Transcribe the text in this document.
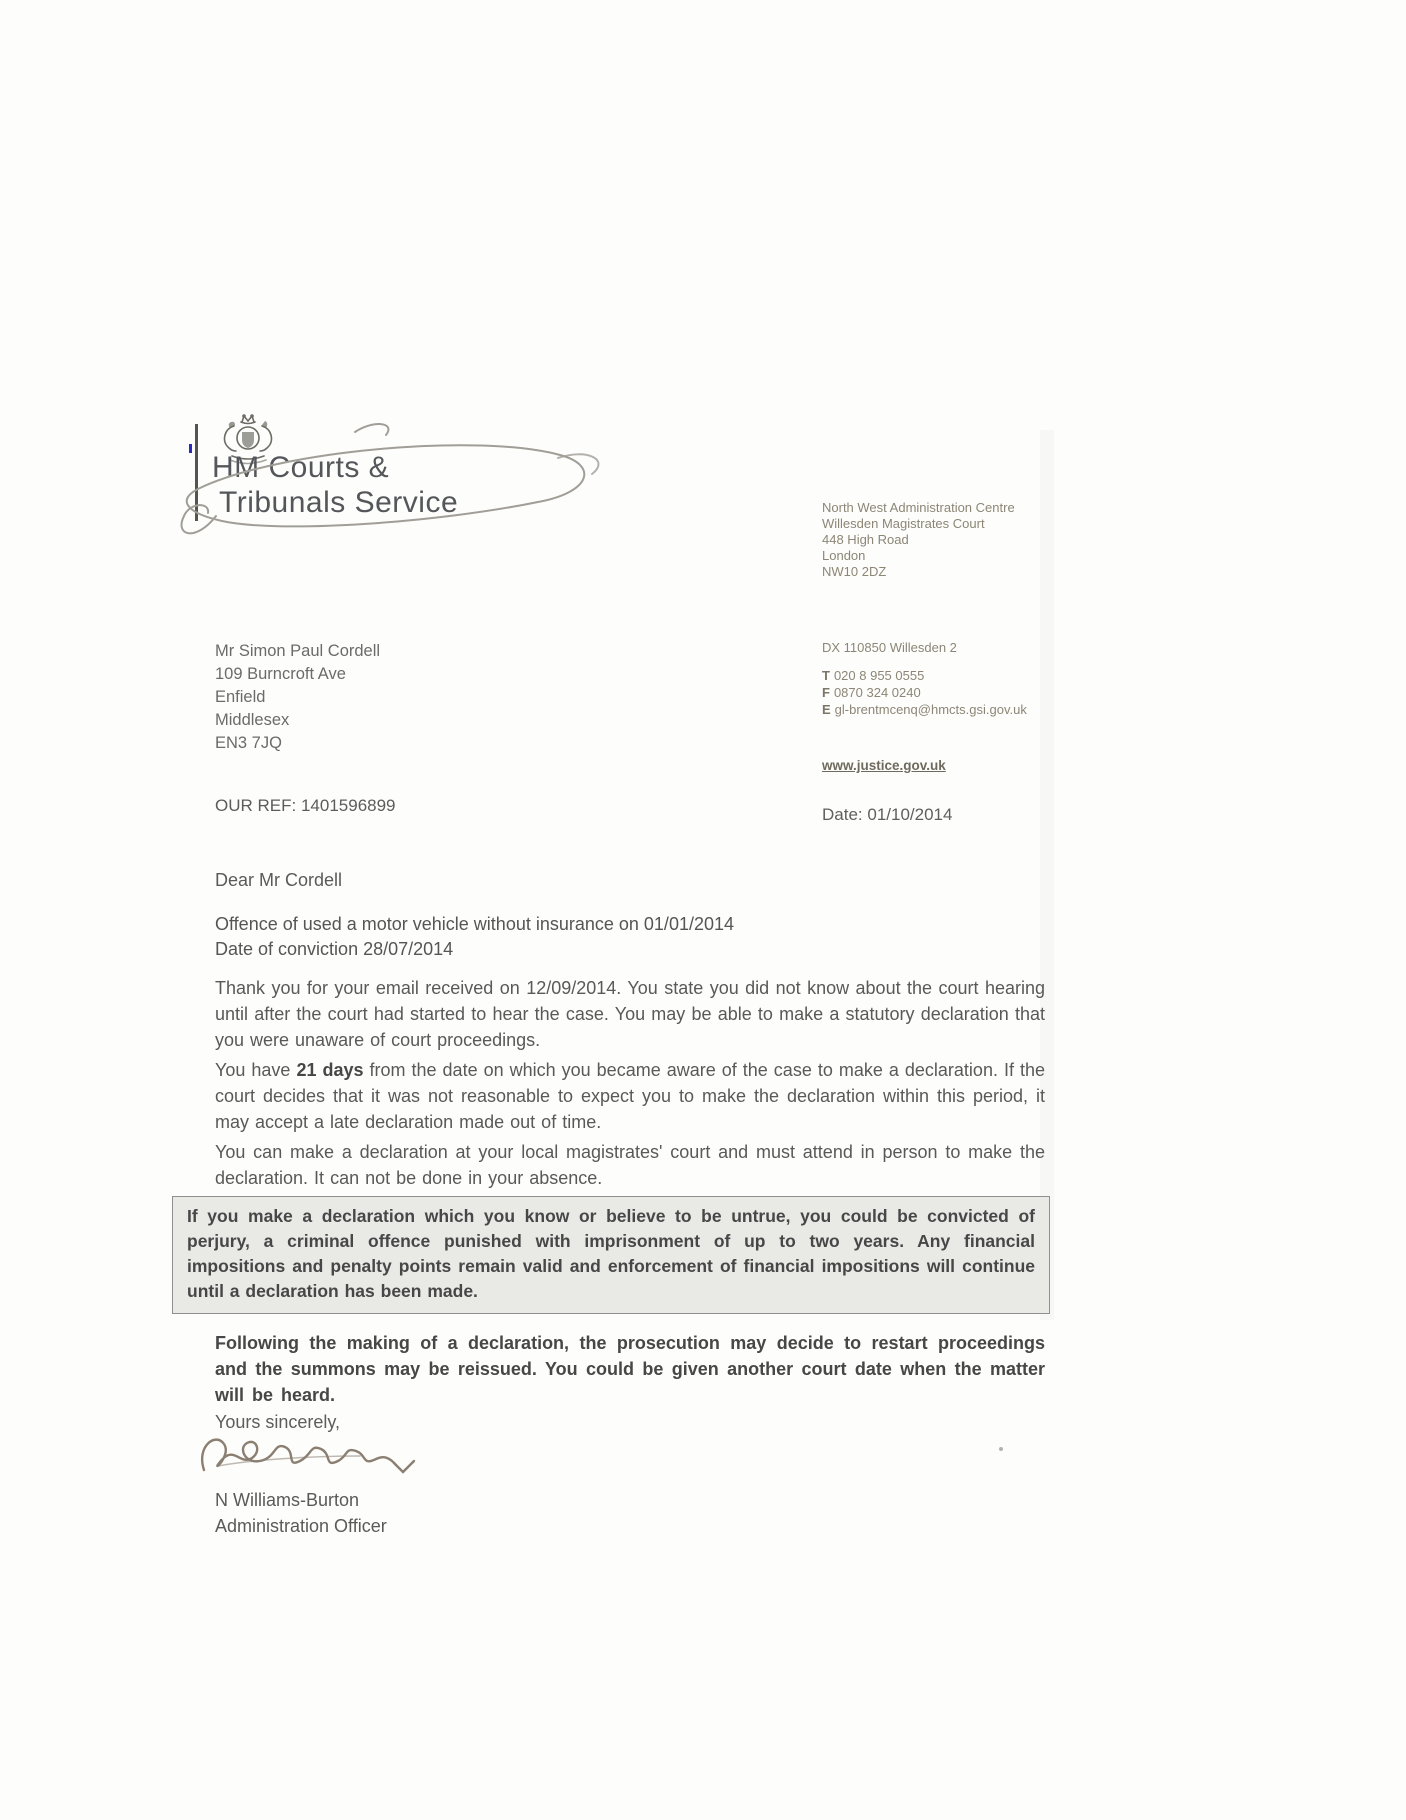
HM Courts &
Tribunals Service	North West Administration Centre
Willesden Magistrates Court
448 High Road
London
NW10 2DZ
Mr Simon Paul Cordell
109 Burncroft Ave
Enfield
Middlesex
EN3 7JQ
DX 110850 Willesden 2
T 020 8 955 0555
F 0870 324 0240
E gl-brentmcenq@hmcts.gsi.gov.uk
www.justice.gov.uk
OUR REF: 1401596899	Date: 01/10/2014
Dear Mr Cordell
Offence of used a motor vehicle without insurance on 01/01/2014
Date of conviction 28/07/2014
Thank you for your email received on 12/09/2014. You state you did not know about the court hearing until after the court had started to hear the case. You may be able to make a statutory declaration that you were unaware of court proceedings.
You have 21 days from the date on which you became aware of the case to make a declaration. If the court decides that it was not reasonable to expect you to make the declaration within this period, it may accept a late declaration made out of time.
You can make a declaration at your local magistrates' court and must attend in person to make the declaration. It can not be done in your absence.
If you make a declaration which you know or believe to be untrue, you could be convicted of perjury, a criminal offence punished with imprisonment of up to two years. Any financial impositions and penalty points remain valid and enforcement of financial impositions will continue until a declaration has been made.
Following the making of a declaration, the prosecution may decide to restart proceedings and the summons may be reissued. You could be given another court date when the matter will be heard.
Yours sincerely,
N Williams-Burton
Administration Officer
